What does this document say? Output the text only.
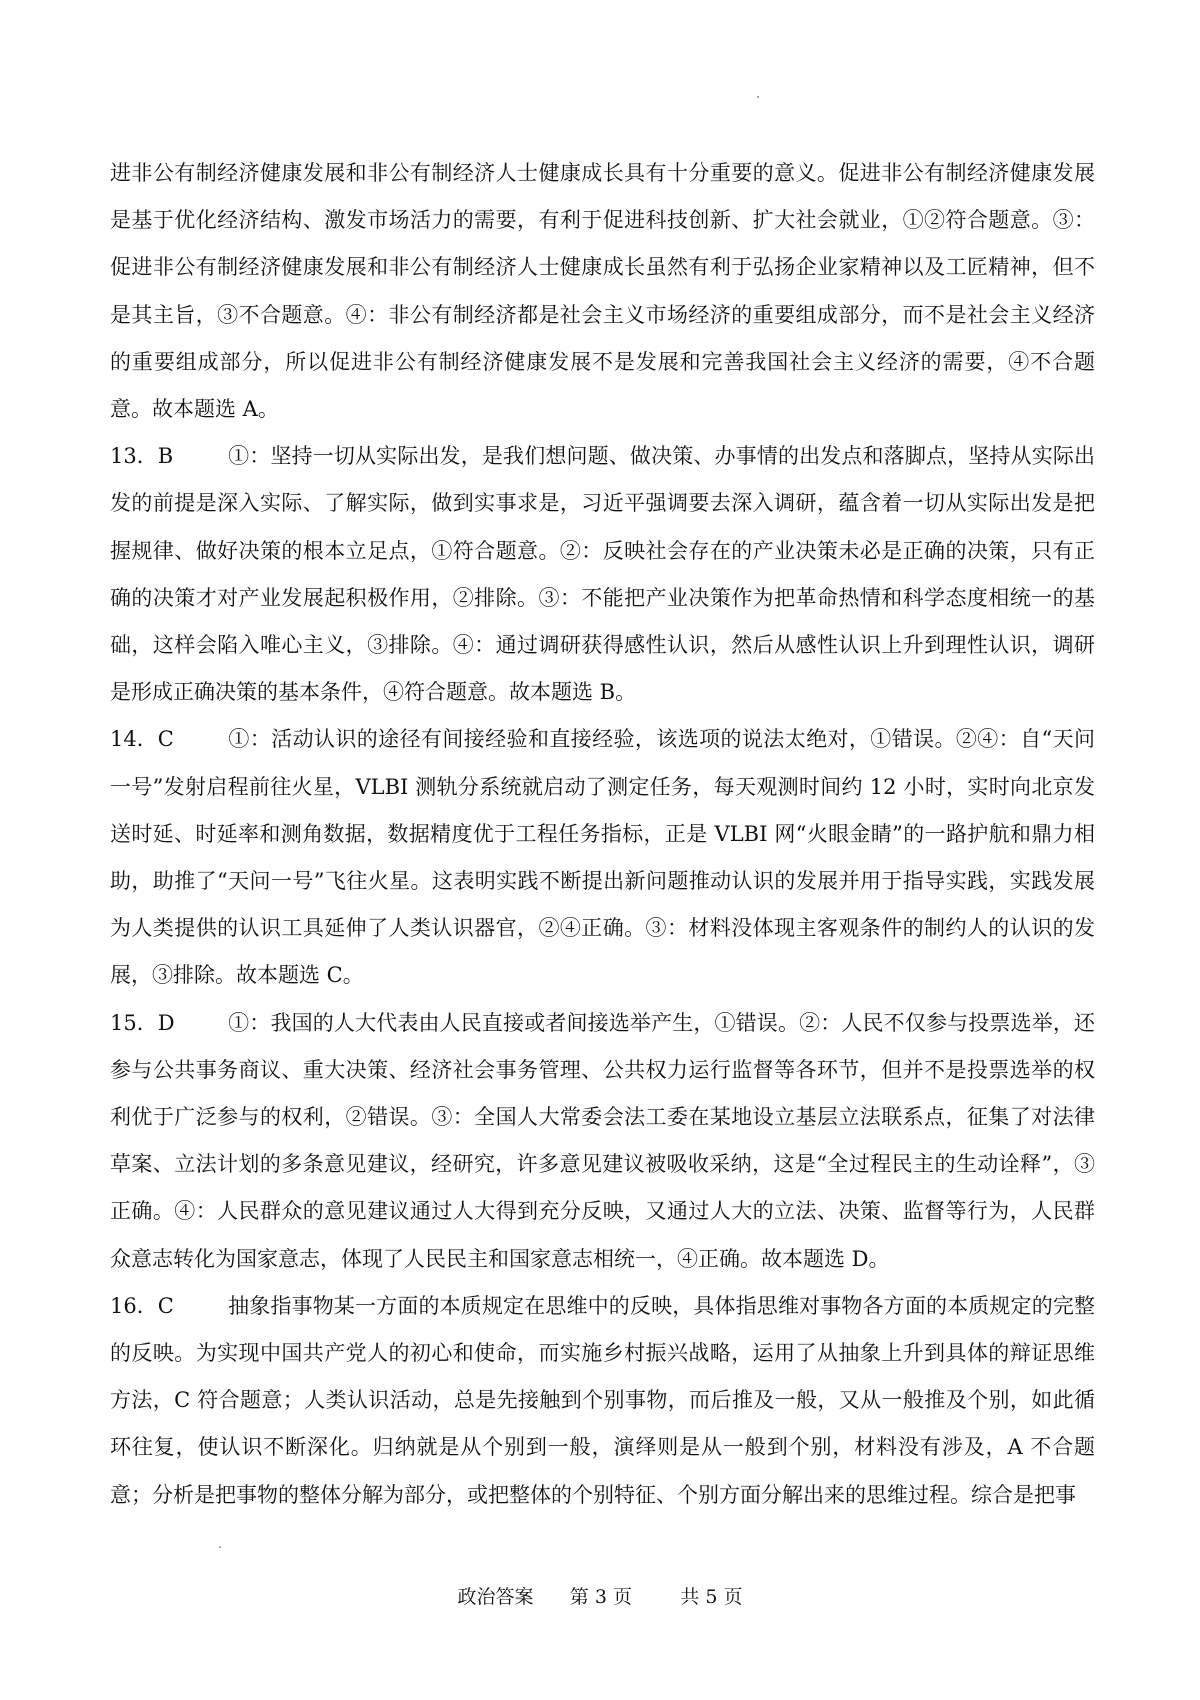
进非公有制经济健康发展和非公有制经济人士健康成长具有十分重要的意义。促进非公有制经济健康发展是基于优化经济结构、激发市场活力的需要，有利于促进科技创新、扩大社会就业，①②符合题意。③：促进非公有制经济健康发展和非公有制经济人士健康成长虽然有利于弘扬企业家精神以及工匠精神，但不是其主旨，③不合题意。④：非公有制经济都是社会主义市场经济的重要组成部分，而不是社会主义经济的重要组成部分，所以促进非公有制经济健康发展不是发展和完善我国社会主义经济的需要，④不合题意。故本题选 A。

13．B	①：坚持一切从实际出发，是我们想问题、做决策、办事情的出发点和落脚点，坚持从实际出发的前提是深入实际、了解实际，做到实事求是，习近平强调要去深入调研，蕴含着一切从实际出发是把握规律、做好决策的根本立足点，①符合题意。②：反映社会存在的产业决策未必是正确的决策，只有正确的决策才对产业发展起积极作用，②排除。③：不能把产业决策作为把革命热情和科学态度相统一的基础，这样会陷入唯心主义，③排除。④：通过调研获得感性认识，然后从感性认识上升到理性认识，调研是形成正确决策的基本条件，④符合题意。故本题选 B。

14．C	①：活动认识的途径有间接经验和直接经验，该选项的说法太绝对，①错误。②④：自“天问一号”发射启程前往火星，VLBI 测轨分系统就启动了测定任务，每天观测时间约 12 小时，实时向北京发送时延、时延率和测角数据，数据精度优于工程任务指标，正是 VLBI 网“火眼金睛”的一路护航和鼎力相助，助推了“天问一号”飞往火星。这表明实践不断提出新问题推动认识的发展并用于指导实践，实践发展为人类提供的认识工具延伸了人类认识器官，②④正确。③：材料没体现主客观条件的制约人的认识的发展，③排除。故本题选 C。

15．D	①：我国的人大代表由人民直接或者间接选举产生，①错误。②：人民不仅参与投票选举，还参与公共事务商议、重大决策、经济社会事务管理、公共权力运行监督等各环节，但并不是投票选举的权利优于广泛参与的权利，②错误。③：全国人大常委会法工委在某地设立基层立法联系点，征集了对法律草案、立法计划的多条意见建议，经研究，许多意见建议被吸收采纳，这是“全过程民主的生动诠释”，③正确。④：人民群众的意见建议通过人大得到充分反映，又通过人大的立法、决策、监督等行为，人民群众意志转化为国家意志，体现了人民民主和国家意志相统一，④正确。故本题选 D。

16．C	抽象指事物某一方面的本质规定在思维中的反映，具体指思维对事物各方面的本质规定的完整的反映。为实现中国共产党人的初心和使命，而实施乡村振兴战略，运用了从抽象上升到具体的辩证思维方法，C 符合题意；人类认识活动，总是先接触到个别事物，而后推及一般，又从一般推及个别，如此循环往复，使认识不断深化。归纳就是从个别到一般，演绎则是从一般到个别，材料没有涉及，A 不合题意；分析是把事物的整体分解为部分，或把整体的个别特征、个别方面分解出来的思维过程。综合是把事

政治答案 第 3 页	共 5 页
